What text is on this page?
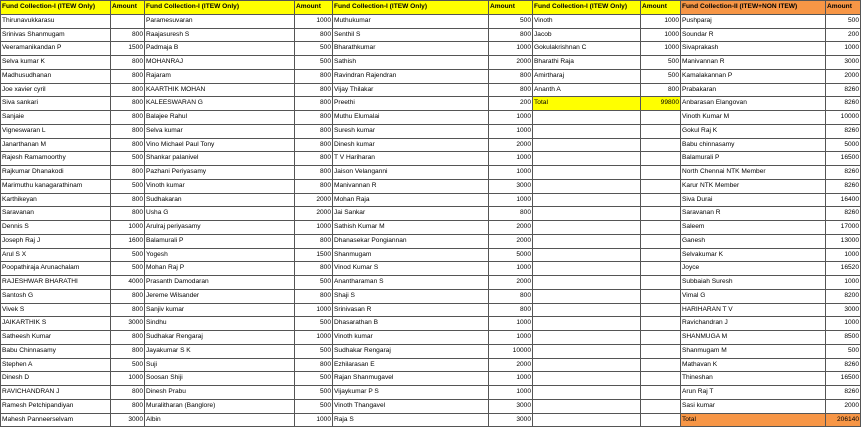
Fund Collection-I (ITEW Only)	Amount	Fund Collection-I (ITEW Only)	Amount	Fund Collection-I (ITEW Only)	Amount	Fund Collection-I (ITEW Only)	Amount	Fund Collection-II (ITEW+NON ITEW)	Amount
Thirunavukkarasu		Paramesuvaran	1000	Muthukumar	500	Vinoth	1000	Pushparaj	500
Srinivas Shanmugam	800	Raajasuresh S	800	Senthil S	800	Jacob	1000	Soundar R	200
Veeramanikandan P	1500	Padmaja B	500	Bharathkumar	1000	Gokulakrishnan C	1000	Sivaprakash	1000
Selva kumar K	800	MOHANRAJ	500	Sathish	2000	Bharathi Raja	500	Manivannan R	3000
Madhusudhanan	800	Rajaram	800	Ravindran Rajendran	800	Amirtharaj	500	Kamalakannan P	2000
Joe xavier cyril	800	KAARTHIK MOHAN	800	Vijay Thilakar	800	Ananth A	800	Prabakaran	8260
Siva sankari	800	KALEESWARAN G	800	Preethi	200	Total	99800	Anbarasan Elangovan	8260
Sanjaie	800	Balajee Rahul	800	Muthu Elumalai	1000			Vinoth Kumar M	10000
Vigneswaran L	800	Selva kumar	800	Suresh kumar	1000			Gokul Raj K	8260
Janarthanan M	800	Vino Michael Paul Tony	800	Dinesh kumar	2000			Babu chinnasamy	5000
Rajesh Ramamoorthy	500	Shankar palanivel	800	T V Hariharan	1000			Balamurali P	16500
Rajkumar Dhanakodi	800	Pazhani Periyasamy	800	Jaison Velanganni	1000			North Chennai NTK Member	8260
Marimuthu kanagarathinam	500	Vinoth kumar	800	Manivannan R	3000			Karur NTK Member	8260
Karthikeyan	800	Sudhakaran	2000	Mohan Raja	1000			Siva Durai	16400
Saravanan	800	Usha G	2000	Jai Sankar	800			Saravanan R	8260
Dennis S	1000	Arulraj periyasamy	1000	Sathish Kumar M	2000			Saleem	17000
Joseph Raj J	1600	Balamurali P	800	Dhanasekar Pongiannan	2000			Ganesh	13000
Arul S X	500	Yogesh	1500	Shanmugam	5000			Selvakumar K	1000
Poopathiraja Arunachalam	500	Mohan Raj P	800	Vinod Kumar S	1000			Joyce	16520
RAJESHWAR BHARATHI	4000	Prasanth Damodaran	500	Anantharaman S	2000			Subbaiah Suresh	1000
Santosh G	800	Jereme Wilsander	800	Shaji S	800			Vimal G	8200
Vivek S	800	Sanjiv kumar	1000	Srinivasan R	800			HARIHARAN T V	3000
JAIKARTHIK S	3000	Sindhu	500	Dhasarathan B	1000			Ravichandran J	1000
Satheesh Kumar	800	Sudhakar Rengaraj	1000	Vinoth kumar	1000			SHANMUGA M	8500
Babu Chinnasamy	800	Jayakumar S K	500	Sudhakar Rengaraj	10000			Shanmugam M	500
Stephen A	500	Suji	800	Ezhilarasan E	2000			Mathavan K	8260
Dinesh D	1000	Soosan Shiji	500	Rajan Shanmugavel	1000			Thineshan	16500
RAVICHANDRAN J	800	Dinesh Prabu	500	Vijaykumar P S	1000			Arun Raj T	8260
Ramesh Petchipandiyan	800	Muralitharan (Banglore)	500	Vinoth Thangavel	3000			Sasi kumar	2000
Mahesh Panneerselvam	3000	Albin	1000	Raja S	3000			Total	206140
